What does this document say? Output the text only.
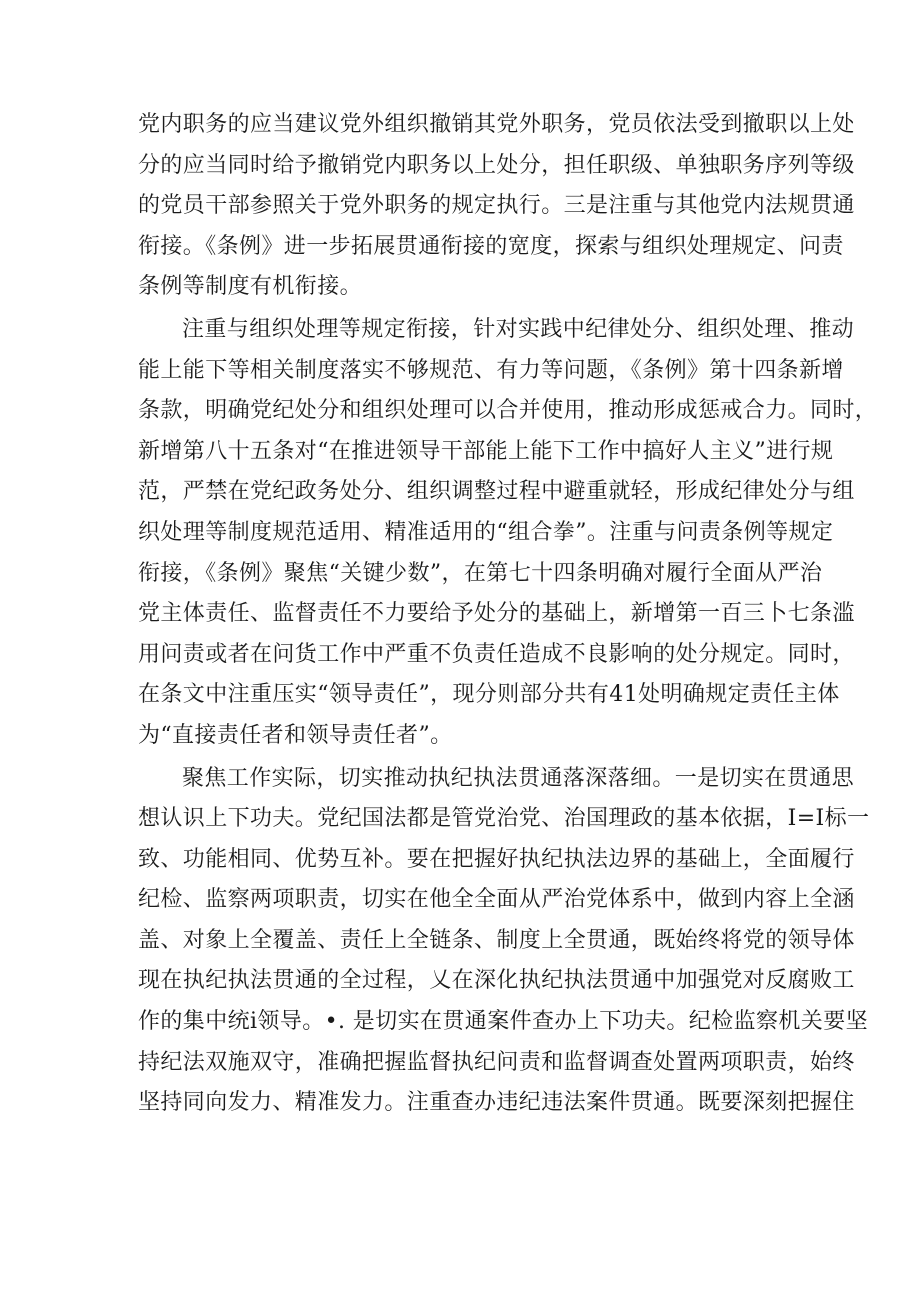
党内职务的应当建议党外组织撤销其党外职务，党员依法受到撤职以上处
分的应当同时给予撤销党内职务以上处分，担任职级、单独职务序列等级
的党员干部参照关于党外职务的规定执行。三是注重与其他党内法规贯通
衔接。《条例》进一步拓展贯通衔接的宽度，探索与组织处理规定、问责
条例等制度有机衔接。
注重与组织处理等规定衔接，针对实践中纪律处分、组织处理、推动
能上能下等相关制度落实不够规范、有力等问题，《条例》第十四条新增
条款，明确党纪处分和组织处理可以合并使用，推动形成惩戒合力。同时，
新增第八十五条对“在推进领导干部能上能下工作中搞好人主义”进行规
范，严禁在党纪政务处分、组织调整过程中避重就轻，形成纪律处分与组
织处理等制度规范适用、精准适用的“组合拳”。注重与问责条例等规定
衔接，《条例》聚焦“关键少数”，在第七十四条明确对履行全面从严治
党主体责任、监督责任不力要给予处分的基础上，新增第一百三卜七条滥
用问责或者在问货工作中严重不负责任造成不良影响的处分规定。同时，
在条文中注重压实“领导责任”，现分则部分共有41处明确规定责任主体
为“直接责任者和领导责任者”。
聚焦工作实际，切实推动执纪执法贯通落深落细。一是切实在贯通思
想认识上下功夫。党纪国法都是管党治党、治国理政的基本依据，I=I标一
致、功能相同、优势互补。要在把握好执纪执法边界的基础上，全面履行
纪检、监察两项职责，切实在他全全面从严治党体系中，做到内容上全涵
盖、对象上全覆盖、责任上全链条、制度上全贯通，既始终将党的领导体
现在执纪执法贯通的全过程，乂在深化执纪执法贯通中加强党对反腐败工
作的集中统i领导。•. 是切实在贯通案件查办上下功夫。纪检监察机关要坚
持纪法双施双守，准确把握监督执纪问责和监督调查处置两项职责，始终
坚持同向发力、精准发力。注重查办违纪违法案件贯通。既要深刻把握住
